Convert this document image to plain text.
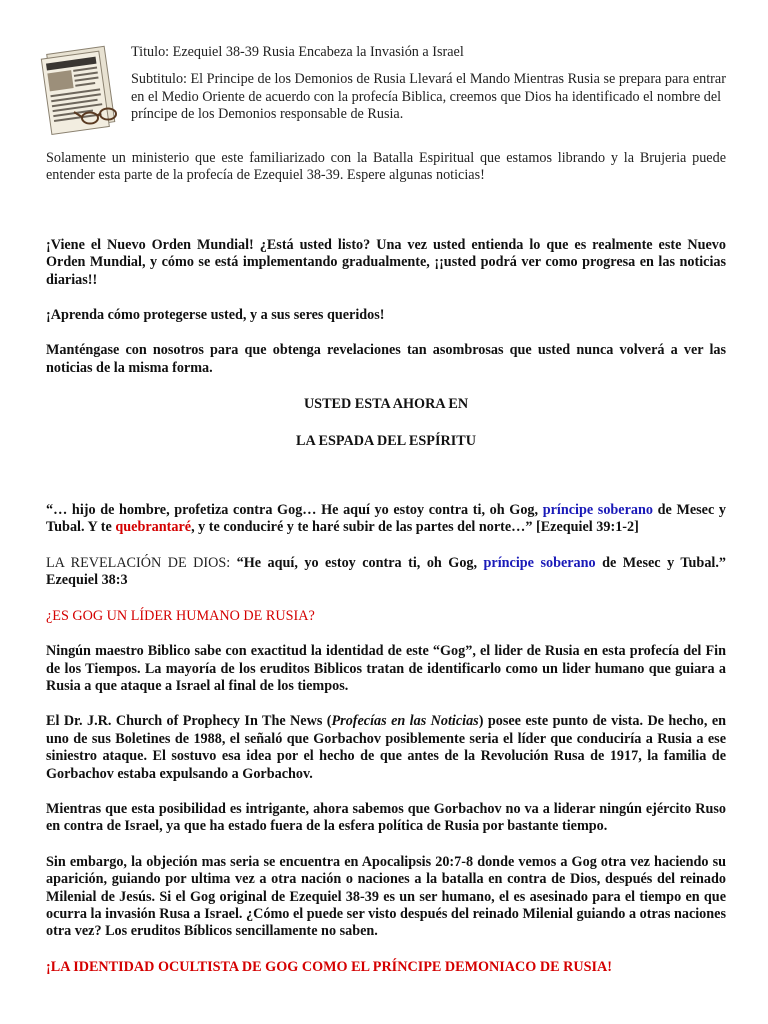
Titulo: Ezequiel 38-39 Rusia Encabeza la Invasión a Israel

Subtitulo: El Principe de los Demonios de Rusia Llevará el Mando Mientras Rusia se prepara para entrar en el Medio Oriente de acuerdo con la profecía Biblica, creemos que Dios ha identificado el nombre del príncipe de los Demonios responsable de Rusia.

Solamente un ministerio que este familiarizado con la Batalla Espiritual que estamos librando y la Brujeria puede entender esta parte de la profecía de Ezequiel 38-39. Espere algunas noticias!

¡Viene el Nuevo Orden Mundial! ¿Está usted listo? Una vez usted entienda lo que es realmente este Nuevo Orden Mundial, y cómo se está implementando gradualmente, ¡¡usted podrá ver como progresa en las noticias diarias!!

¡Aprenda cómo protegerse usted, y a sus seres queridos!

Manténgase con nosotros para que obtenga revelaciones tan asombrosas que usted nunca volverá a ver las noticias de la misma forma.

USTED ESTA AHORA EN

LA ESPADA DEL ESPÍRITU

“… hijo de hombre, profetiza contra Gog… He aquí yo estoy contra ti, oh Gog, príncipe soberano de Mesec y Tubal. Y te quebrantaré, y te conduciré y te haré subir de las partes del norte…” [Ezequiel 39:1-2]

LA REVELACIÓN DE DIOS: “He aquí, yo estoy contra ti, oh Gog, príncipe soberano de Mesec y Tubal.” Ezequiel 38:3

¿ES GOG UN LÍDER HUMANO DE RUSIA?

Ningún maestro Biblico sabe con exactitud la identidad de este “Gog”, el lider de Rusia en esta profecía del Fin de los Tiempos. La mayoría de los eruditos Biblicos tratan de identificarlo como un lider humano que guiara a Rusia a que ataque a Israel al final de los tiempos.

El Dr. J.R. Church of Prophecy In The News (Profecías en las Noticias) posee este punto de vista. De hecho, en uno de sus Boletines de 1988, el señaló que Gorbachov posiblemente seria el líder que conduciría a Rusia a ese siniestro ataque. El sostuvo esa idea por el hecho de que antes de la Revolución Rusa de 1917, la familia de Gorbachov estaba expulsando a Gorbachov.

Mientras que esta posibilidad es intrigante, ahora sabemos que Gorbachov no va a liderar ningún ejército Ruso en contra de Israel, ya que ha estado fuera de la esfera política de Rusia por bastante tiempo.

Sin embargo, la objeción mas seria se encuentra en Apocalipsis 20:7-8 donde vemos a Gog otra vez haciendo su aparición, guiando por ultima vez a otra nación o naciones a la batalla en contra de Dios, después del reinado Milenial de Jesús. Si el Gog original de Ezequiel 38-39 es un ser humano, el es asesinado para el tiempo en que ocurra la invasión Rusa a Israel. ¿Cómo el puede ser visto después del reinado Milenial guiando a otras naciones otra vez? Los eruditos Bíblicos sencillamente no saben.

¡LA IDENTIDAD OCULTISTA DE GOG COMO EL PRÍNCIPE DEMONIACO DE RUSIA!
